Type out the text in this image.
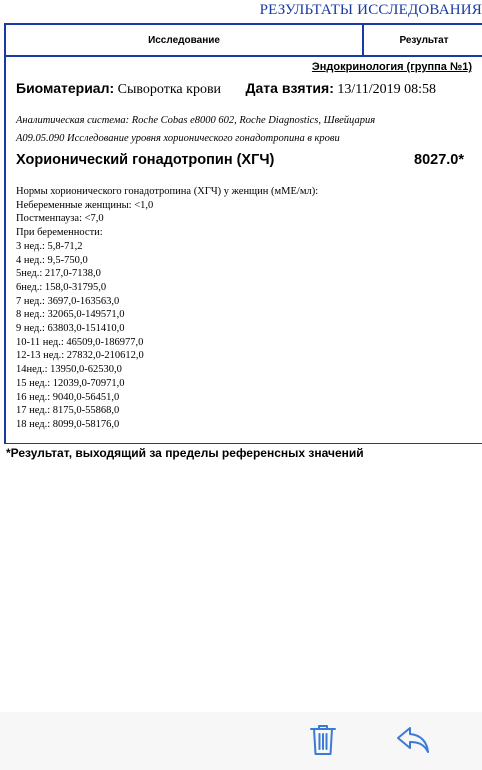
РЕЗУЛЬТАТЫ ИССЛЕДОВАНИЯ
Исследование	Результат
Эндокринология (группа №1)
Биоматериал: Сыворотка крови Дата взятия: 13/11/2019 08:58
Аналитическая система: Roche Cobas e8000 602, Roche Diagnostics, Швейцария
A09.05.090 Исследование уровня хорионического гонадотропина в крови
Хорионический гонадотропин (ХГЧ)	8027.0*
Нормы хорионического гонадотропина (ХГЧ) у женщин (мМЕ/мл):
Небеременные женщины: <1,0
Постменпауза: <7,0
При беременности:
3 нед.: 5,8-71,2
4 нед.: 9,5-750,0
5нед.: 217,0-7138,0
6нед.: 158,0-31795,0
7 нед.: 3697,0-163563,0
8 нед.: 32065,0-149571,0
9 нед.: 63803,0-151410,0
10-11 нед.: 46509,0-186977,0
12-13 нед.: 27832,0-210612,0
14нед.: 13950,0-62530,0
15 нед.: 12039,0-70971,0
16 нед.: 9040,0-56451,0
17 нед.: 8175,0-55868,0
18 нед.: 8099,0-58176,0
*Результат, выходящий за пределы референсных значений
